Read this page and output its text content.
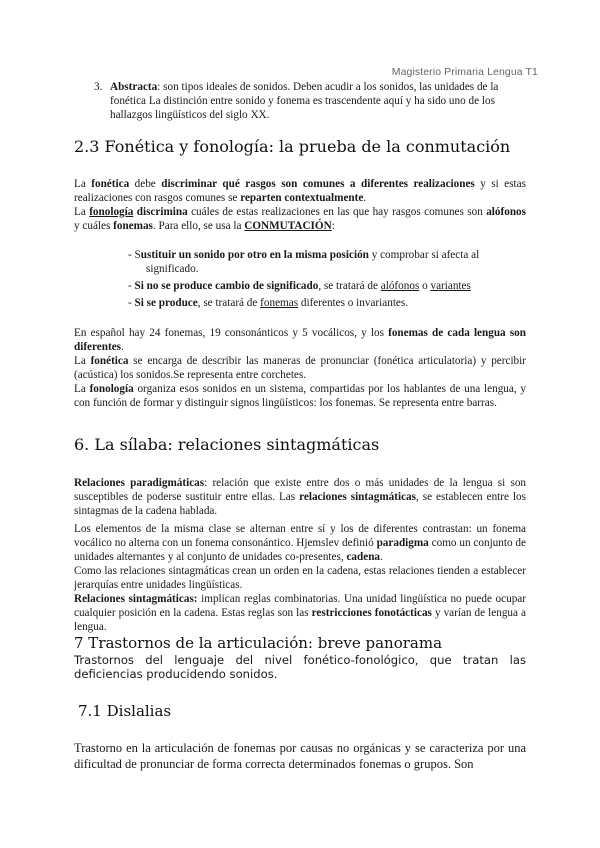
Magisterio Primaria Lengua T1
3. Abstracta: son tipos ideales de sonidos. Deben acudir a los sonidos, las unidades de la fonética La distinción entre sonido y fonema es trascendente aquí y ha sido uno de los hallazgos lingüísticos del siglo XX.
2.3 Fonética y fonología: la prueba de la conmutación

La fonética debe discriminar qué rasgos son comunes a diferentes realizaciones y si estas realizaciones con rasgos comunes se reparten contextualmente.

La fonología discrimina cuáles de estas realizaciones en las que hay rasgos comunes son alófonos y cuáles fonemas. Para ello, se usa la CONMUTACIÓN:

- Sustituir un sonido por otro en la misma posición y comprobar si afecta al
significado.

- Si no se produce cambio de significado, se tratará de alófonos o variantes

- Si se produce, se tratará de fonemas diferentes o invariantes.

En español hay 24 fonemas, 19 consonánticos y 5 vocálicos, y los fonemas de cada lengua son diferentes.

La fonética se encarga de describir las maneras de pronunciar (fonética articulatoria) y percibir (acústica) los sonidos.Se representa entre corchetes.

La fonología organiza esos sonidos en un sistema, compartidas por los hablantes de una lengua, y con función de formar y distinguir signos lingüísticos: los fonemas. Se representa entre barras.

6. La sílaba: relaciones sintagmáticas

Relaciones paradigmáticas: relación que existe entre dos o más unidades de la lengua si son susceptibles de poderse sustituir entre ellas. Las relaciones sintagmáticas, se establecen entre los sintagmas de la cadena hablada.

Los elementos de la misma clase se alternan entre sí y los de diferentes contrastan: un fonema vocálico no alterna con un fonema consonántico. Hjemslev definió paradigma como un conjunto de unidades alternantes y al conjunto de unidades co-presentes, cadena.

Como las relaciones sintagmáticas crean un orden en la cadena, estas relaciones tienden a establecer jerarquías entre unidades lingüísticas.

Relaciones sintagmáticas: implican reglas combinatorias. Una unidad lingüística no puede ocupar cualquier posición en la cadena. Estas reglas son las restricciones fonotácticas y varían de lengua a lengua.

7 Trastornos de la articulación: breve panorama

Trastornos del lenguaje del nivel fonético-fonológico, que tratan las deficiencias producidendo sonidos.

7.1 Dislalias

Trastorno en la articulación de fonemas por causas no orgánicas y se caracteriza por una dificultad de pronunciar de forma correcta determinados fonemas o grupos. Son
